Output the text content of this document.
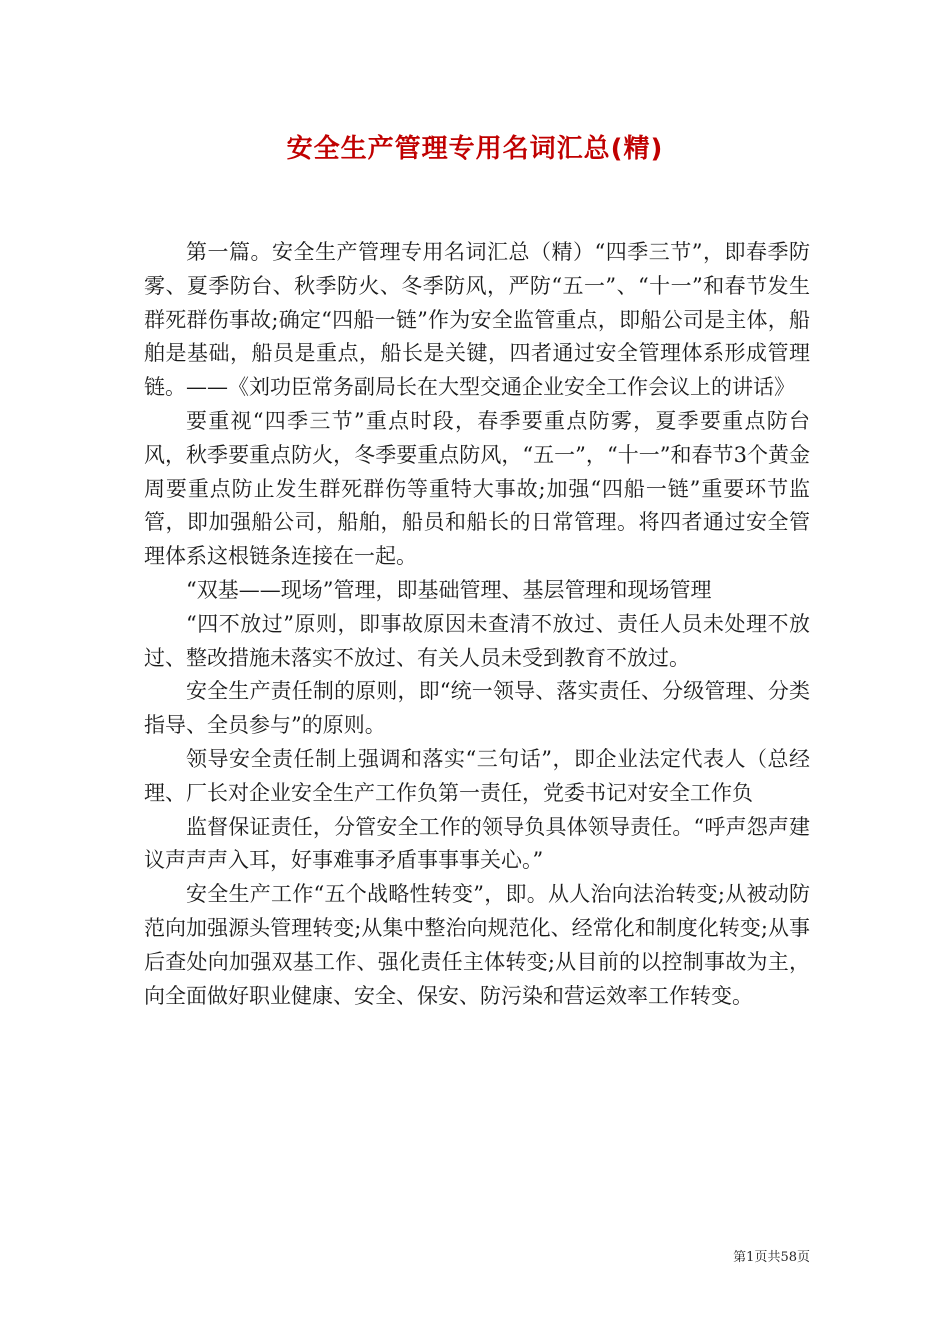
安全生产管理专用名词汇总(精)

第一篇。安全生产管理专用名词汇总（精）“四季三节”，即春季防雾、夏季防台、秋季防火、冬季防风，严防“五一”、“十一”和春节发生群死群伤事故;确定“四船一链”作为安全监管重点，即船公司是主体，船舶是基础，船员是重点，船长是关键，四者通过安全管理体系形成管理链。——《刘功臣常务副局长在大型交通企业安全工作会议上的讲话》

要重视“四季三节”重点时段，春季要重点防雾，夏季要重点防台风，秋季要重点防火，冬季要重点防风，“五一”，“十一”和春节3个黄金周要重点防止发生群死群伤等重特大事故;加强“四船一链”重要环节监管，即加强船公司，船舶，船员和船长的日常管理。将四者通过安全管理体系这根链条连接在一起。

“双基——现场”管理，即基础管理、基层管理和现场管理

“四不放过”原则，即事故原因未查清不放过、责任人员未处理不放过、整改措施未落实不放过、有关人员未受到教育不放过。

安全生产责任制的原则，即“统一领导、落实责任、分级管理、分类指导、全员参与”的原则。

领导安全责任制上强调和落实“三句话”，即企业法定代表人（总经理、厂长对企业安全生产工作负第一责任，党委书记对安全工作负

监督保证责任，分管安全工作的领导负具体领导责任。“呼声怨声建议声声声入耳，好事难事矛盾事事事关心。”

安全生产工作“五个战略性转变”，即。从人治向法治转变;从被动防范向加强源头管理转变;从集中整治向规范化、经常化和制度化转变;从事后查处向加强双基工作、强化责任主体转变;从目前的以控制事故为主，向全面做好职业健康、安全、保安、防污染和营运效率工作转变。

第1页共58页
